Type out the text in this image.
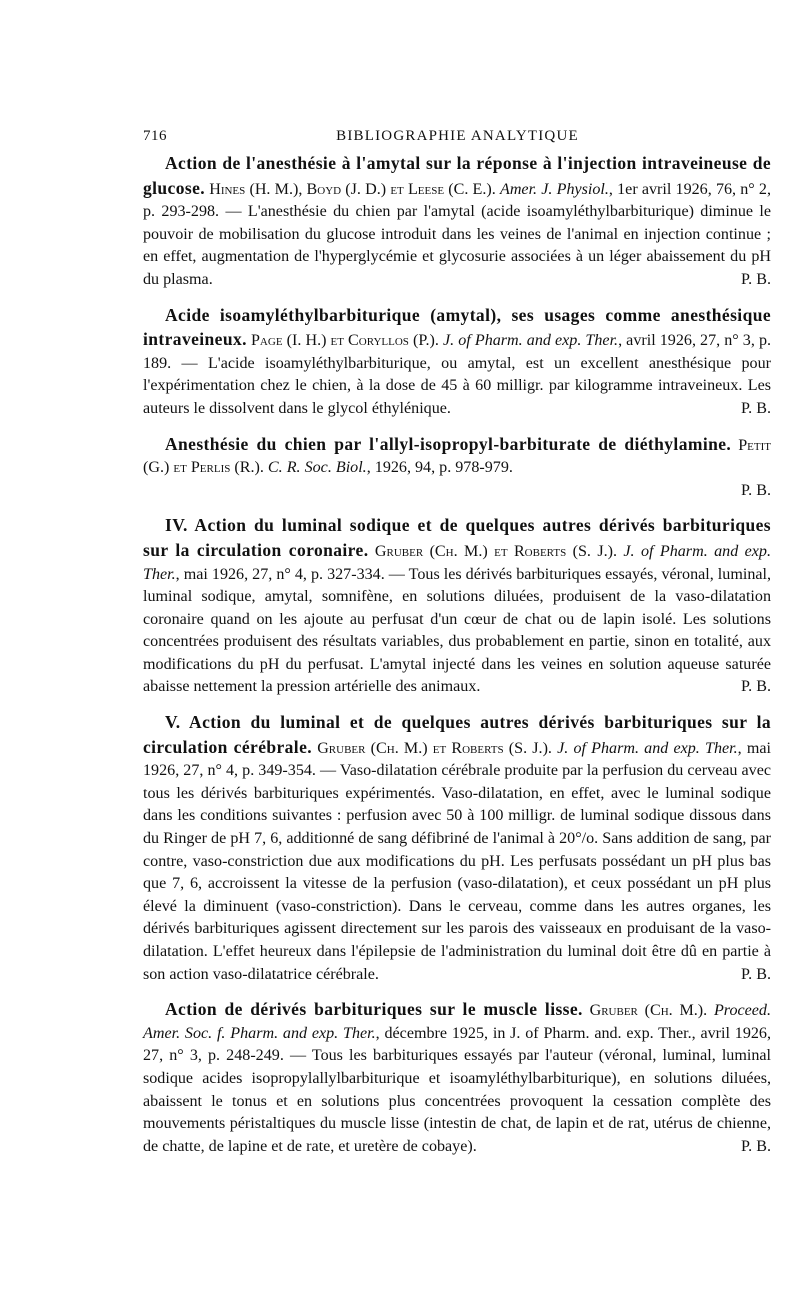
716	BIBLIOGRAPHIE ANALYTIQUE
Action de l'anesthésie à l'amytal sur la réponse à l'injection intraveineuse de glucose. Hines (H. M.), Boyd (J. D.) et Leese (C. E.). Amer. J. Physiol., 1er avril 1926, 76, n° 2, p. 293-298. — L'anesthésie du chien par l'amytal (acide isoamyléthylbarbiturique) diminue le pouvoir de mobilisation du glucose introduit dans les veines de l'animal en injection continue ; en effet, augmentation de l'hyperglycémie et glycosurie associées à un léger abaissement du pH du plasma.	P. B.
Acide isoamyléthylbarbiturique (amytal), ses usages comme anesthésique intraveineux. Page (I. H.) et Coryllos (P.). J. of Pharm. and exp. Ther., avril 1926, 27, n° 3, p. 189. — L'acide isoamyléthylbarbiturique, ou amytal, est un excellent anesthésique pour l'expérimentation chez le chien, à la dose de 45 à 60 milligr. par kilogramme intraveineux. Les auteurs le dissolvent dans le glycol éthylénique.	P. B.
Anesthésie du chien par l'allyl-isopropyl-barbiturate de diéthylamine. Petit (G.) et Perlis (R.). C. R. Soc. Biol., 1926, 94, p. 978-979.
P. B.
IV. Action du luminal sodique et de quelques autres dérivés barbituriques sur la circulation coronaire. Gruber (Ch. M.) et Roberts (S. J.). J. of Pharm. and exp. Ther., mai 1926, 27, n° 4, p. 327-334. — Tous les dérivés barbituriques essayés, véronal, luminal, luminal sodique, amytal, somnifène, en solutions diluées, produisent de la vaso-dilatation coronaire quand on les ajoute au perfusat d'un cœur de chat ou de lapin isolé. Les solutions concentrées produisent des résultats variables, dus probablement en partie, sinon en totalité, aux modifications du pH du perfusat. L'amytal injecté dans les veines en solution aqueuse saturée abaisse nettement la pression artérielle des animaux.	P. B.
V. Action du luminal et de quelques autres dérivés barbituriques sur la circulation cérébrale. Gruber (Ch. M.) et Roberts (S. J.). J. of Pharm. and exp. Ther., mai 1926, 27, n° 4, p. 349-354. — Vaso-dilatation cérébrale produite par la perfusion du cerveau avec tous les dérivés barbituriques expérimentés. Vaso-dilatation, en effet, avec le luminal sodique dans les conditions suivantes : perfusion avec 50 à 100 milligr. de luminal sodique dissous dans du Ringer de pH 7, 6, additionné de sang défibriné de l'animal à 20°/o. Sans addition de sang, par contre, vaso-constriction due aux modifications du pH. Les perfusats possédant un pH plus bas que 7, 6, accroissent la vitesse de la perfusion (vaso-dilatation), et ceux possédant un pH plus élevé la diminuent (vaso-constriction). Dans le cerveau, comme dans les autres organes, les dérivés barbituriques agissent directement sur les parois des vaisseaux en produisant de la vaso-dilatation. L'effet heureux dans l'épilepsie de l'administration du luminal doit être dû en partie à son action vaso-dilatatrice cérébrale.	P. B.
Action de dérivés barbituriques sur le muscle lisse. Gruber (Ch. M.). Proceed. Amer. Soc. f. Pharm. and exp. Ther., décembre 1925, in J. of Pharm. and. exp. Ther., avril 1926, 27, n° 3, p. 248-249. — Tous les barbituriques essayés par l'auteur (véronal, luminal, luminal sodique acides isopropylallylbarbiturique et isoamyléthylbarbiturique), en solutions diluées, abaissent le tonus et en solutions plus concentrées provoquent la cessation complète des mouvements péristaltiques du muscle lisse (intestin de chat, de lapin et de rat, utérus de chienne, de chatte, de lapine et de rate, et uretère de cobaye).	P. B.
